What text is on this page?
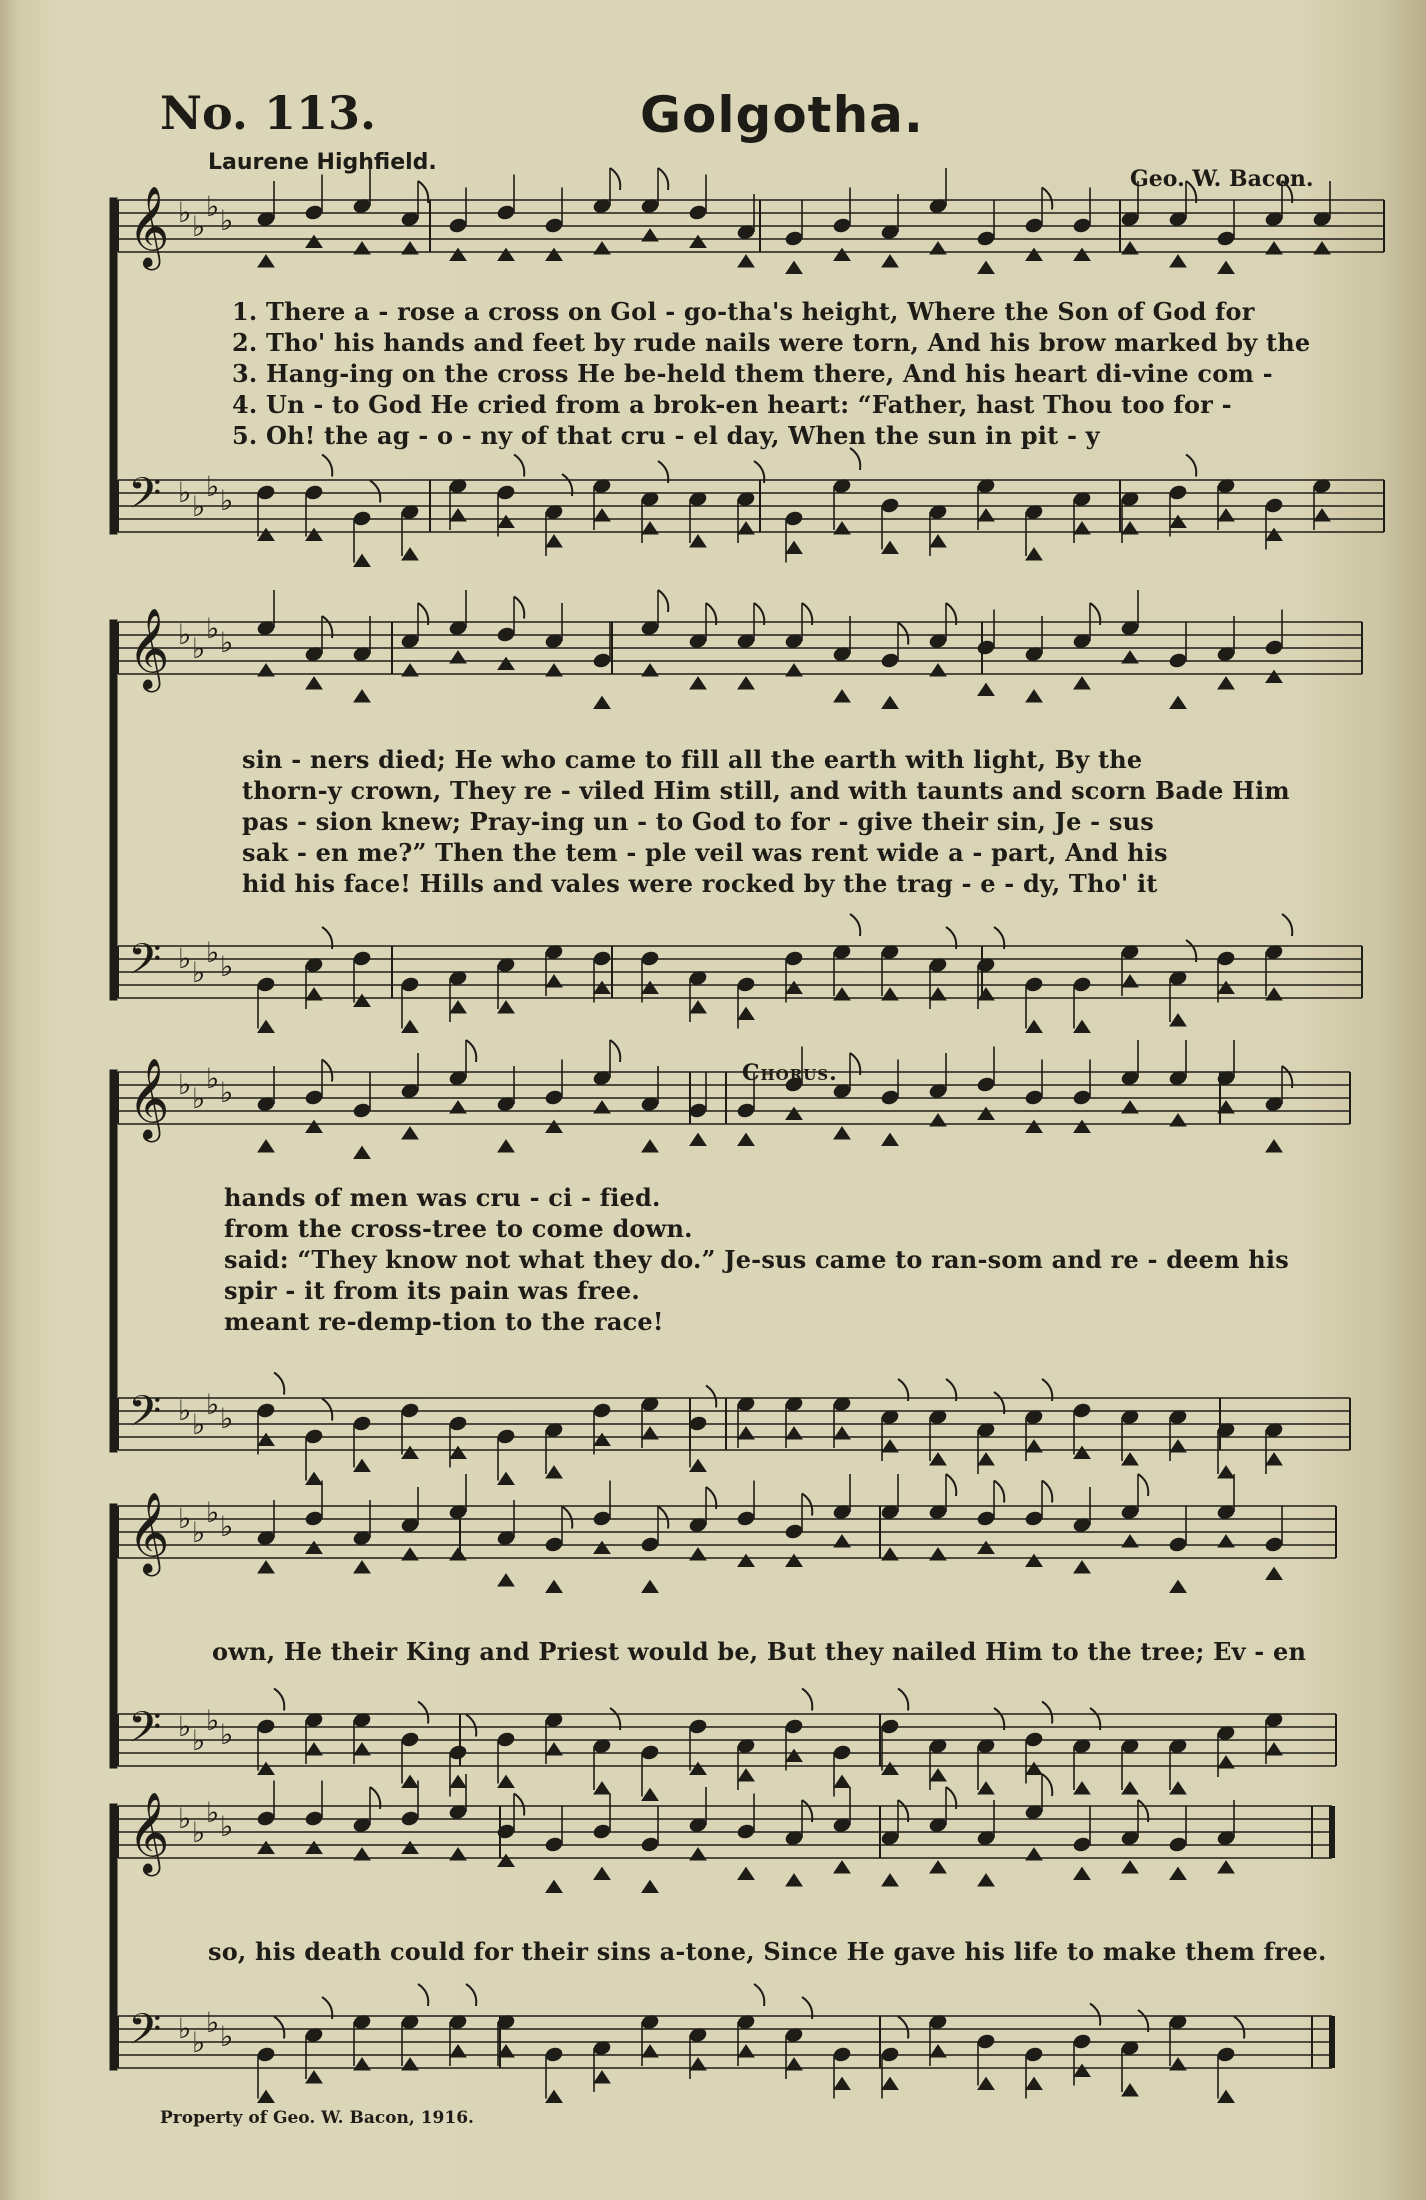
No. 113.	Golgotha.
Laurene Highfield.
Geo. W. Bacon.
𝄞 ♭ ♭
♭ ♭
𝄢 ♭ ♭
♭ ♭
𝄞 ♭ ♭
♭ ♭
𝄢 ♭ ♭
♭ ♭
𝄞 ♭ ♭
♭ ♭
𝄢 ♭ ♭
♭ ♭
𝄞 ♭ ♭
♭ ♭
𝄢 ♭ ♭
♭ ♭
𝄞 ♭ ♭
♭ ♭
𝄢 ♭ ♭
♭ ♭
1. There a - rose a cross on Gol - go-tha's height, Where the Son of God for
2. Tho' his hands and feet by rude nails were torn, And his brow marked by the
3. Hang-ing on the cross He be-held them there, And his heart di-vine com -
4. Un - to God He cried from a brok-en heart: “Father, hast Thou too for -
5. Oh! the ag - o - ny of that cru - el day, When the sun in pit - y
sin - ners died; He who came to fill all the earth with light, By the
thorn-y crown, They re - viled Him still, and with taunts and scorn Bade Him
pas - sion knew; Pray-ing un - to God to for - give their sin, Je - sus
sak - en me?” Then the tem - ple veil was rent wide a - part, And his
hid his face! Hills and vales were rocked by the trag - e - dy, Tho' it
Chorus.
hands of men was cru - ci - fied.
from the cross-tree to come down.
said: “They know not what they do.” Je-sus came to ran-som and re - deem his
spir - it from its pain was free.
meant re-demp-tion to the race!
own, He their King and Priest would be, But they nailed Him to the tree; Ev - en
so, his death could for their sins a-tone, Since He gave his life to make them free.
Property of Geo. W. Bacon, 1916.
